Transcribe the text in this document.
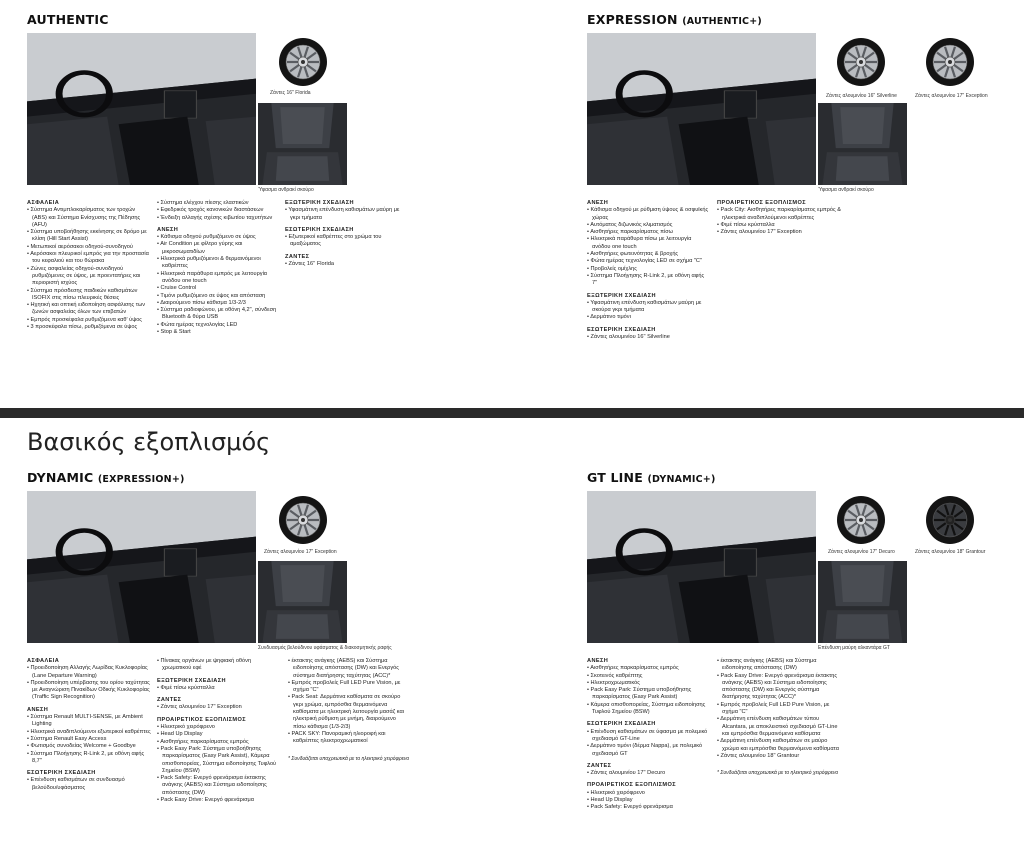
AUTHENTIC
Ζάντες 16'' Florida
Ύφασμα ανθρακί σκούρο
ΑΣΦΑΛΕΙΑ
• Σύστημα Αντιμπλοκαρίσματος των τροχών (ABS) και Σύστημα Ενίσχυσης της Πέδησης (AFU)
• Σύστημα υποβοήθησης εκκίνησης σε δρόμο με κλίση (Hill Start Assist)
• Μετωπικοί αερόσακοι οδηγού-συνοδηγού
• Αερόσακοι πλευρικοί εμπρός για την προστασία του κεφαλιού και του θώρακα
• Ζώνες ασφαλείας οδηγού-συνοδηγού ρυθμιζόμενες σε ύψος, με προεντατήρες και περιοριστή ισχύος
• Σύστημα πρόσδεσης παιδικών καθισμάτων ISOFIX στις πίσω πλευρικές θέσεις
• Ηχητική και οπτική ειδοποίηση ασφάλισης των ζωνών ασφαλείας όλων των επιβατών
• Εμπρός προσκέφαλα ρυθμιζόμενα καθ' ύψος
• 3 προσκέφαλα πίσω, ρυθμιζόμενα σε ύψος
• Σύστημα ελέγχου πίεσης ελαστικών
• Εφεδρικός τροχός κανονικών διαστάσεων
• Ένδειξη αλλαγής σχέσης κιβωτίου ταχυτήτων
ΑΝΕΣΗ
• Κάθισμα οδηγού ρυθμιζόμενο σε ύψος
• Air Condition με φίλτρο γύρης και μικροσωματιδίων
• Ηλεκτρικά ρυθμιζόμενοι & θερμαινόμενοι καθρέπτες
• Ηλεκτρικά παράθυρα εμπρός με λειτουργία ανόδου one touch
• Cruise Control
• Τιμόνι ρυθμιζόμενο σε ύψος και απόσταση
• Διαιρούμενο πίσω κάθισμα 1/3-2/3
• Σύστημα ραδιοφώνου, με οθόνη 4,2", σύνδεση Bluetooth & θύρα USB
• Φώτα ημέρας τεχνολογίας LED
• Stop & Start
ΕΞΩΤΕΡΙΚΗ ΣΧΕΔΙΑΣΗ
• Υφασμάτινη επένδυση καθισμάτων μαύρη με γκρι τμήματα
ΕΣΩΤΕΡΙΚΗ ΣΧΕΔΙΑΣΗ
• Εξωτερικοί καθρέπτες στο χρώμα του αμαξώματος
ΖΑΝΤΕΣ
• Ζάντες 16'' Florida
EXPRESSION (AUTHENTIC+)
Ζάντες αλουμινίου 16'' Silverline	Ζάντες αλουμινίου 17'' Exception
Ύφασμα ανθρακί σκούρο
ΑΝΕΣΗ
• Κάθισμα οδηγού με ρύθμιση ύψους & οσφυϊκής χώρας
• Αυτόματος διζωνικός κλιματισμός
• Αισθητήρες παρκαρίσματος πίσω
• Ηλεκτρικά παράθυρα πίσω με λειτουργία ανόδου one touch
• Αισθητήρες φωτεινότητας & βροχής
• Φώτα ημέρας τεχνολογίας LED σε σχήμα "C"
• Προβολείς ομίχλης
• Σύστημα Πλοήγησης R-Link 2, με οθόνη αφής 7"
ΕΞΩΤΕΡΙΚΗ ΣΧΕΔΙΑΣΗ
• Υφασμάτινη επένδυση καθισμάτων μαύρη με σκούρα γκρι τμήματα
• Δερμάτινο τιμόνι
ΕΣΩΤΕΡΙΚΗ ΣΧΕΔΙΑΣΗ
• Ζάντες αλουμινίου 16'' Silverline
ΠΡΟΑΙΡΕΤΙΚΟΣ ΕΞΟΠΛΙΣΜΟΣ
• Pack City: Αισθητήρες παρκαρίσματος εμπρός & ηλεκτρικά αναδιπλούμενοι καθρέπτες
• Φιμέ πίσω κρύσταλλα
• Ζάντες αλουμινίου 17'' Exception
Βασικός εξοπλισμός
DYNAMIC (EXPRESSION+)
Ζάντες αλουμινίου 17'' Exception
Συνδυασμός βελούδινου υφάσματος & διακοσμητικής ραφής
ΑΣΦΑΛΕΙΑ
• Προειδοποίηση Αλλαγής Λωρίδας Κυκλοφορίας (Lane Departure Warning)
• Προειδοποίηση υπέρβασης του ορίου ταχύτητας με Αναγνώριση Πινακίδων Οδικής Κυκλοφορίας (Traffic Sign Recognition)
ΑΝΕΣΗ
• Σύστημα Renault MULTI-SENSE, με Ambient Lighting
• Ηλεκτρικά αναδιπλούμενοι εξωτερικοί καθρέπτες
• Σύστημα Renault Easy Access
• Φωτισμός συνοδείας Welcome + Goodbye
• Σύστημα Πλοήγησης R-Link 2, με οθόνη αφής 8,7"
ΕΣΩΤΕΡΙΚΗ ΣΧΕΔΙΑΣΗ
• Επένδυση καθισμάτων σε συνδυασμό βελούδου/υφάσματος
• Πίνακας οργάνων με ψηφιακή οθόνη χρωματικού εφέ
ΕΞΩΤΕΡΙΚΗ ΣΧΕΔΙΑΣΗ
• Φιμέ πίσω κρύσταλλα
ΖΑΝΤΕΣ
• Ζάντες αλουμινίου 17'' Exception
ΠΡΟΑΙΡΕΤΙΚΟΣ ΕΞΟΠΛΙΣΜΟΣ
• Ηλεκτρικό χειρόφρενο
• Head Up Display
• Αισθητήρες παρκαρίσματος εμπρός
• Pack Easy Park: Σύστημα υποβοήθησης παρκαρίσματος (Easy Park Assist), Κάμερα οπισθοπορείας, Σύστημα ειδοποίησης Τυφλού Σημείου (BSW)
• Pack Safety: Ενεργό φρενάρισμα έκτακτης ανάγκης (AEBS) και Σύστημα ειδοποίησης απόστασης (DW)
• Pack Easy Drive: Ενεργό φρενάρισμα
• έκτακτης ανάγκης (AEBS) και Σύστημα ειδοποίησης απόστασης (DW) και Ενεργός σύστημα διατήρησης ταχύτητας (ACC)*
• Εμπρός προβολείς Full LED Pure Vision, με σχήμα "C"
• Pack Seat: Δερμάτινα καθίσματα σε σκούρο γκρι χρώμα, εμπρόσθια θερμαινόμενα καθίσματα με ηλεκτρική λειτουργία μασάζ και ηλεκτρική ρύθμιση με μνήμη, διαιρούμενο πίσω κάθισμα (1/3-2/3)
• PACK SKY: Πανοραμική ηλιοροφή και καθρέπτες ηλεκτροχρωματικοί
* Συνδυάζεται υποχρεωτικά με το ηλεκτρικό χειρόφρενο
GT LINE (DYNAMIC+)
Ζάντες αλουμινίου 17'' Decuro	Ζάντες αλουμινίου 18'' Grantour
Επένδυση μαύρη αλκαντάρα GT
ΑΝΕΣΗ
• Αισθητήρες παρκαρίσματος εμπρός
• Σκοτεινός καθρέπτης
• Ηλεκτροχρωματικός
• Pack Easy Park: Σύστημα υποβοήθησης παρκαρίσματος (Easy Park Assist)
• Κάμερα οπισθοπορείας, Σύστημα ειδοποίησης Τυφλού Σημείου (BSW)
ΕΣΩΤΕΡΙΚΗ ΣΧΕΔΙΑΣΗ
• Επένδυση καθισμάτων σε ύφασμα με πολεμικό σχεδιασμό GT-Line
• Δερμάτινο τιμόνι (δέρμα Nappa), με πολεμικό σχεδιασμό GT
ΖΑΝΤΕΣ
• Ζάντες αλουμινίου 17'' Decuro
ΠΡΟΑΙΡΕΤΙΚΟΣ ΕΞΟΠΛΙΣΜΟΣ
• Ηλεκτρικό χειρόφρενο
• Head Up Display
• Pack Safety: Ενεργό φρενάρισμα
• έκτακτης ανάγκης (AEBS) και Σύστημα ειδοποίησης απόστασης (DW)
• Pack Easy Drive: Ενεργό φρενάρισμα έκτακτης ανάγκης (AEBS) και Σύστημα ειδοποίησης απόστασης (DW) και Ενεργός σύστημα διατήρησης ταχύτητας (ACC)*
• Εμπρός προβολείς Full LED Pure Vision, με σχήμα "C"
• Δερμάτινη επένδυση καθισμάτων τύπου Alcantara, με αποκλειστικό σχεδιασμό GT-Line και εμπρόσθια θερμαινόμενα καθίσματα
• Δερμάτινη επένδυση καθισμάτων σε μαύρο χρώμα και εμπρόσθια θερμαινόμενα καθίσματα
• Ζάντες αλουμινίου 18'' Grantour
* Συνδυάζεται υποχρεωτικά με το ηλεκτρικό χειρόφρενο
